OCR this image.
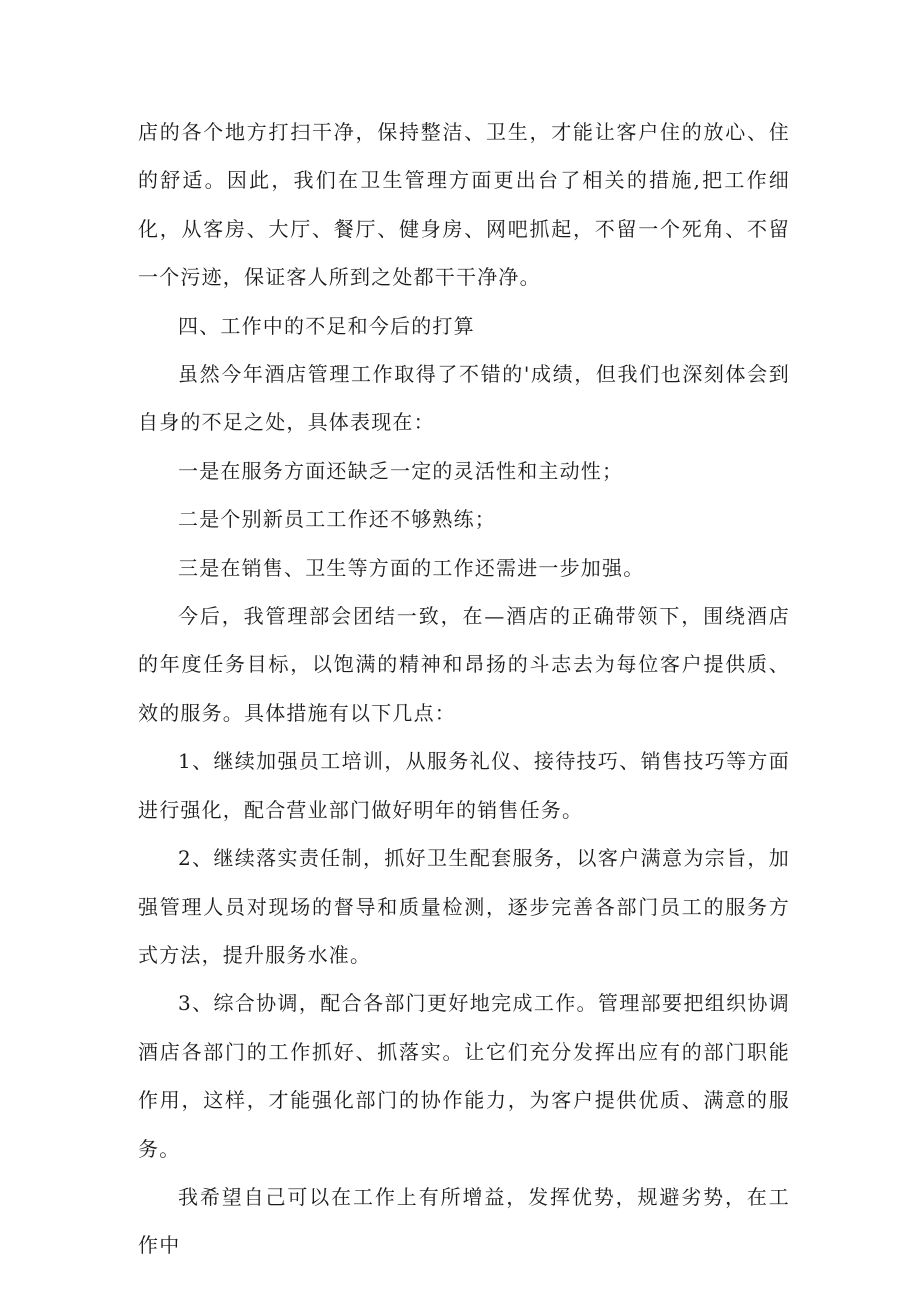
店的各个地方打扫干净，保持整洁、卫生，才能让客户住的放心、住的舒适。因此，我们在卫生管理方面更出台了相关的措施,把工作细化，从客房、大厅、餐厅、健身房、网吧抓起，不留一个死角、不留一个污迹，保证客人所到之处都干干净净。

四、工作中的不足和今后的打算

虽然今年酒店管理工作取得了不错的'成绩，但我们也深刻体会到自身的不足之处，具体表现在：

一是在服务方面还缺乏一定的灵活性和主动性；

二是个别新员工工作还不够熟练；

三是在销售、卫生等方面的工作还需进一步加强。

今后，我管理部会团结一致，在—酒店的正确带领下，围绕酒店的年度任务目标，以饱满的精神和昂扬的斗志去为每位客户提供质、效的服务。具体措施有以下几点：

1、继续加强员工培训，从服务礼仪、接待技巧、销售技巧等方面进行强化，配合营业部门做好明年的销售任务。

2、继续落实责任制，抓好卫生配套服务，以客户满意为宗旨，加强管理人员对现场的督导和质量检测，逐步完善各部门员工的服务方式方法，提升服务水准。

3、综合协调，配合各部门更好地完成工作。管理部要把组织协调酒店各部门的工作抓好、抓落实。让它们充分发挥出应有的部门职能作用，这样，才能强化部门的协作能力，为客户提供优质、满意的服务。

我希望自己可以在工作上有所增益，发挥优势，规避劣势，在工作中
